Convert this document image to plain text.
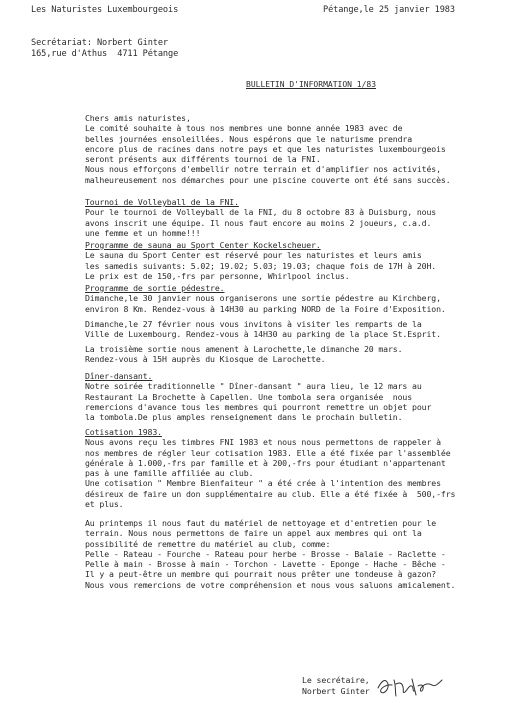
Les Naturistes Luxembourgeois	Pétange,le 25 janvier 1983
Secrétariat: Norbert Ginter
165,rue d'Athus  4711 Pétange
BULLETIN D'INFORMATION 1/83
Chers amis naturistes,
Le comité souhaite à tous nos membres une bonne année 1983 avec de
belles journées ensoleillées. Nous espérons que le naturisme prendra
encore plus de racines dans notre pays et que les naturistes luxembourgeois
seront présents aux différents tournoi de la FNI.
Nous nous efforçons d'embellir notre terrain et d'amplifier nos activités,
malheureusement nos démarches pour une piscine couverte ont été sans succès.
Tournoi de Volleyball de la FNI.
Pour le tournoi de Volleyball de la FNI, du 8 octobre 83 à Duisburg, nous
avons inscrit une équipe. Il nous faut encore au moins 2 joueurs, c.a.d.
une femme et un homme!!!
Programme de sauna au Sport Center Kockelscheuer.
Le sauna du Sport Center est réservé pour les naturistes et leurs amis
les samedis suivants: 5.02; 19.02; 5.03; 19.03; chaque fois de 17H à 20H.
Le prix est de 150,-frs par personne, Whirlpool inclus.
Programme de sortie pédestre.
Dimanche,le 30 janvier nous organiserons une sortie pédestre au Kirchberg,
environ 8 Km. Rendez-vous à 14H30 au parking NORD de la Foire d'Exposition.
Dimanche,le 27 février nous vous invitons à visiter les remparts de la
Ville de Luxembourg. Rendez-vous à 14H30 au parking de la place St.Esprit.
La troisième sortie nous amenent à Larochette,le dimanche 20 mars.
Rendez-vous à 15H auprès du Kiosque de Larochette.
Dîner-dansant.
Notre soirée traditionnelle " Dîner-dansant " aura lieu, le 12 mars au
Restaurant La Brochette à Capellen. Une tombola sera organisée  nous
remercions d'avance tous les membres qui pourront remettre un objet pour
la tombola.De plus amples renseignement dans le prochain bulletin.
Cotisation 1983.
Nous avons reçu les timbres FNI 1983 et nous nous permettons de rappeler à
nos membres de régler leur cotisation 1983. Elle a été fixée par l'assemblée
générale à 1.000,-frs par famille et à 200,-frs pour étudiant n'appartenant
pas à une famille affiliée au club.
Une cotisation " Membre Bienfaiteur " a été crée à l'intention des membres
désireux de faire un don supplémentaire au club. Elle a été fixée à  500,-frs
et plus.
Au printemps il nous faut du matériel de nettoyage et d'entretien pour le
terrain. Nous nous permettons de faire un appel aux membres qui ont la
possibilité de remettre du matériel au club, comme:
Pelle - Rateau - Fourche - Rateau pour herbe - Brosse - Balaie - Raclette -
Pelle à main - Brosse à main - Torchon - Lavette - Eponge - Hache - Bêche -
Il y a peut-être un membre qui pourrait nous prêter une tondeuse à gazon?
Nous vous remercions de votre compréhension et nous vous saluons amicalement.
Le secrétaire,
Norbert Ginter
